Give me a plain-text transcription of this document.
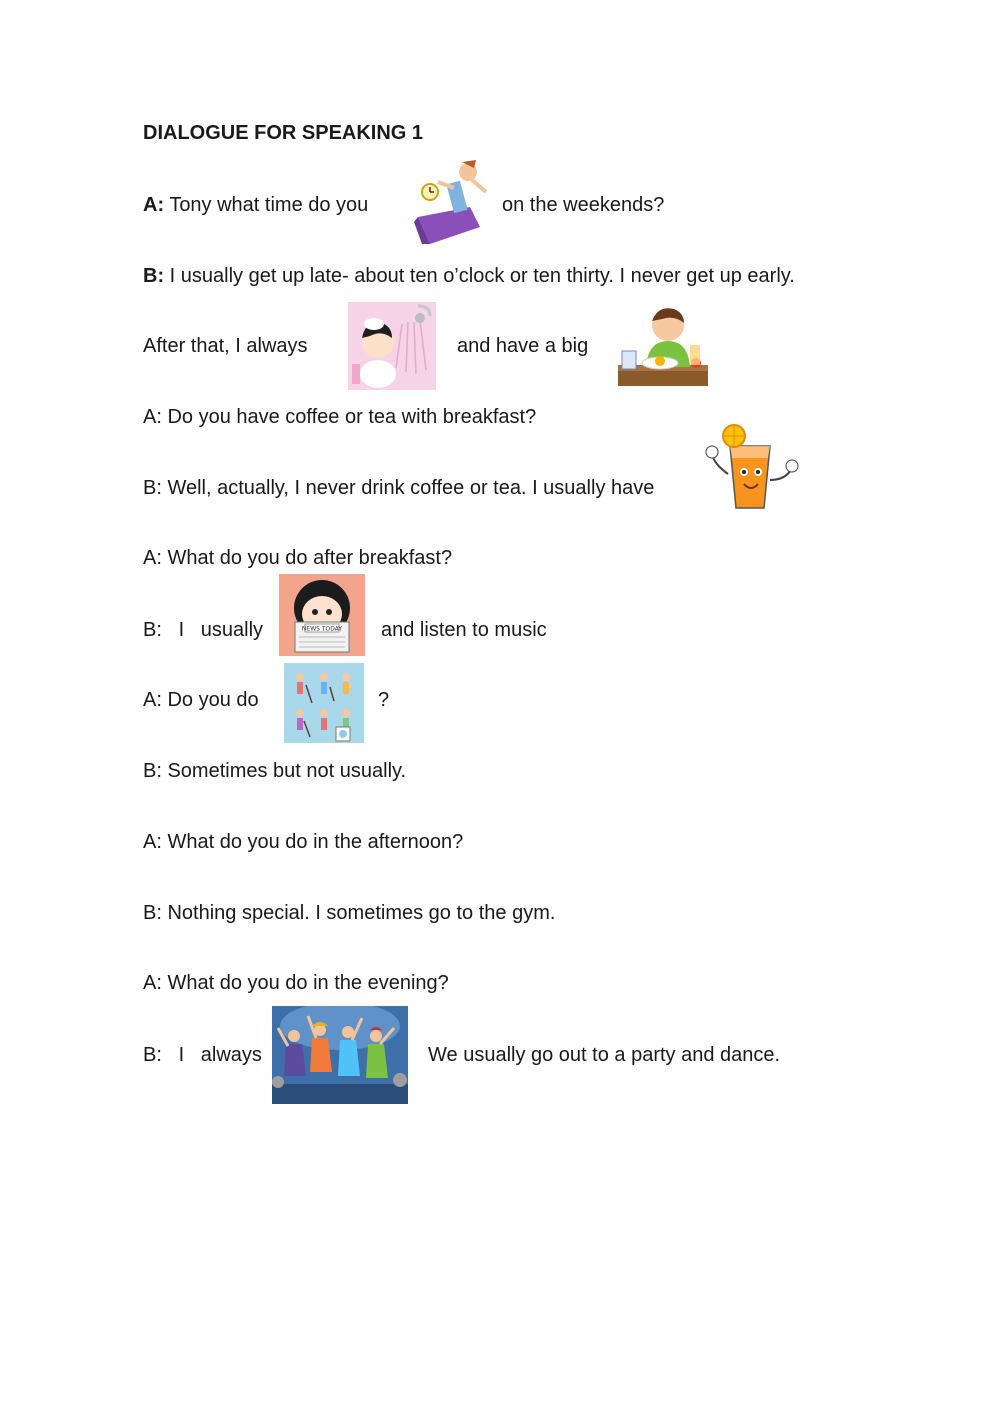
DIALOGUE FOR SPEAKING 1
A: Tony what time do you	on the weekends?
B: I usually get up late- about ten o’clock or ten thirty. I never get up early.
After that, I always	and have a big
A: Do you have coffee or tea with breakfast?
B: Well, actually, I never drink coffee or tea. I usually have
A: What do you do after breakfast?
B:   I   usually	NEWS TODAY and listen to music
A: Do you do	?
B: Sometimes but not usually.
A: What do you do in the afternoon?
B: Nothing special. I sometimes go to the gym.
A: What do you do in the evening?
B:   I   always	We usually go out to a party and dance.
